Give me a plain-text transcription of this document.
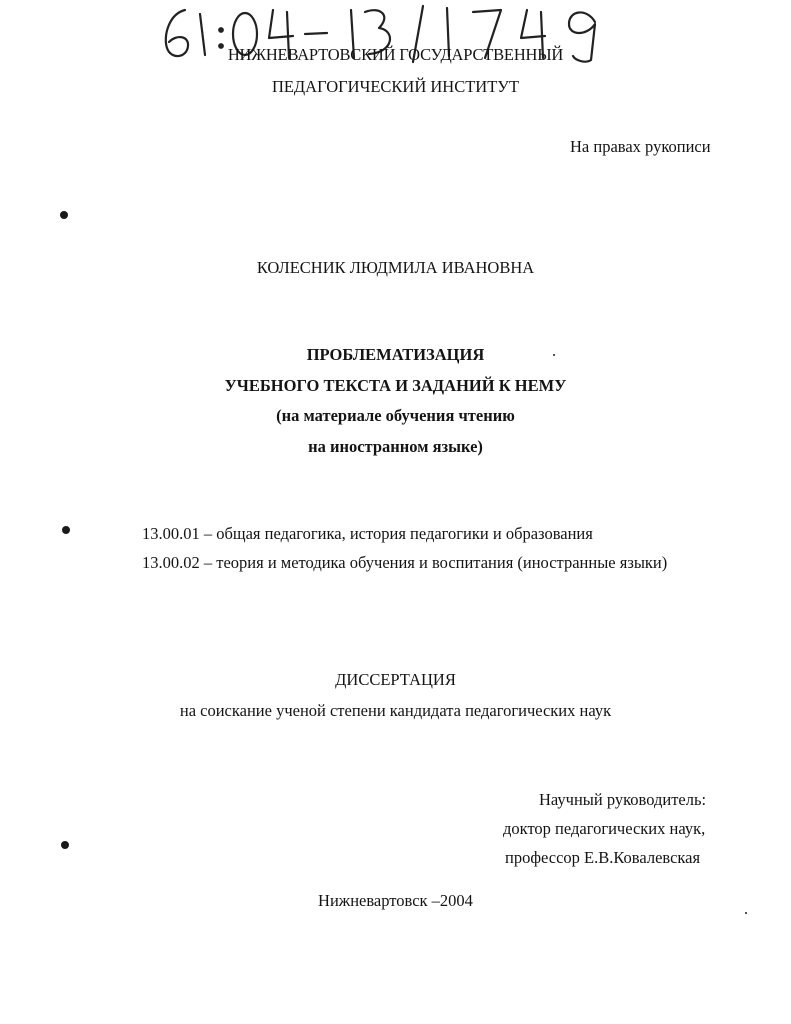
НИЖНЕВАРТОВСКИЙ ГОСУДАРСТВЕННЫЙ
ПЕДАГОГИЧЕСКИЙ ИНСТИТУТ
На правах рукописи
КОЛЕСНИК ЛЮДМИЛА ИВАНОВНА
ПРОБЛЕМАТИЗАЦИЯ
УЧЕБНОГО ТЕКСТА И ЗАДАНИЙ К НЕМУ
(на материале обучения чтению
на иностранном языке)
13.00.01 – общая педагогика, история педагогики и образования
13.00.02 – теория и методика обучения и воспитания (иностранные языки)
ДИССЕРТАЦИЯ
на соискание ученой степени кандидата педагогических наук
Научный руководитель:
доктор педагогических наук,
профессор Е.В.Ковалевская
Нижневартовск –2004
